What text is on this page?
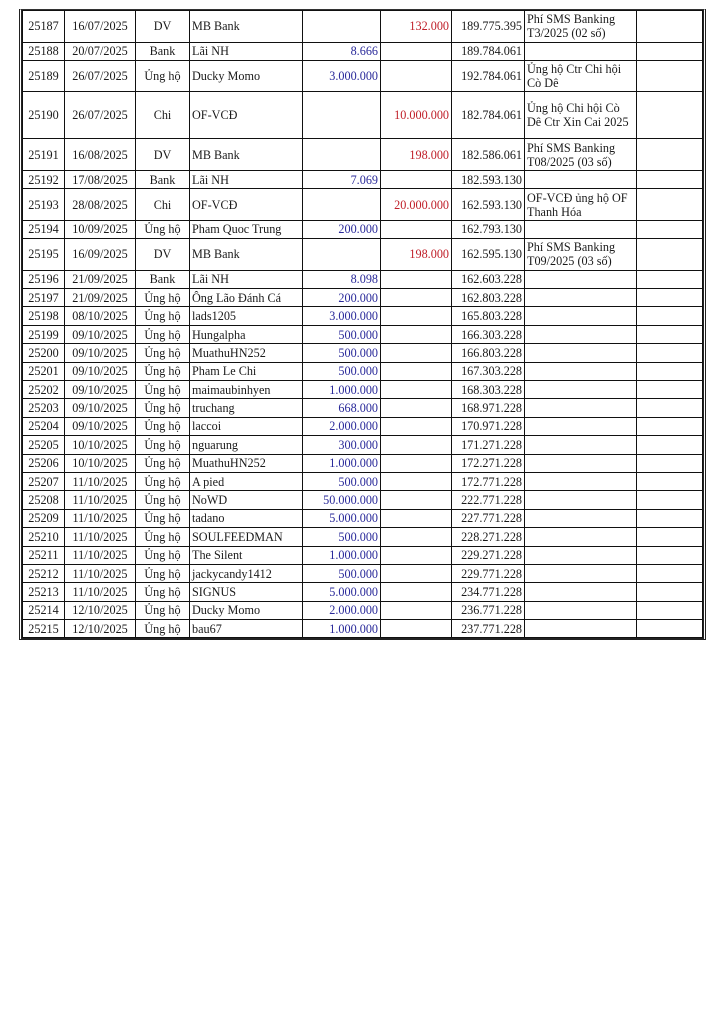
25187	16/07/2025	DV	MB Bank		132.000	189.775.395	Phí SMS Banking T3/2025 (02 số)	
25188	20/07/2025	Bank	Lãi NH	8.666		189.784.061		
25189	26/07/2025	Ủng hộ	Ducky Momo	3.000.000		192.784.061	Ủng hộ Ctr Chi hội Cò Dê	
25190	26/07/2025	Chi	OF-VCĐ		10.000.000	182.784.061	Ủng hộ Chi hội Cò Dê Ctr Xin Cai 2025	
25191	16/08/2025	DV	MB Bank		198.000	182.586.061	Phí SMS Banking T08/2025 (03 số)	
25192	17/08/2025	Bank	Lãi NH	7.069		182.593.130		
25193	28/08/2025	Chi	OF-VCĐ		20.000.000	162.593.130	OF-VCĐ ủng hộ OF Thanh Hóa	
25194	10/09/2025	Ủng hộ	Pham Quoc Trung	200.000		162.793.130		
25195	16/09/2025	DV	MB Bank		198.000	162.595.130	Phí SMS Banking T09/2025 (03 số)	
25196	21/09/2025	Bank	Lãi NH	8.098		162.603.228		
25197	21/09/2025	Ủng hộ	Ông Lão Đánh Cá	200.000		162.803.228		
25198	08/10/2025	Ủng hộ	lads1205	3.000.000		165.803.228		
25199	09/10/2025	Ủng hộ	Hungalpha	500.000		166.303.228		
25200	09/10/2025	Ủng hộ	MuathuHN252	500.000		166.803.228		
25201	09/10/2025	Ủng hộ	Pham Le Chi	500.000		167.303.228		
25202	09/10/2025	Ủng hộ	maimaubinhyen	1.000.000		168.303.228		
25203	09/10/2025	Ủng hộ	truchang	668.000		168.971.228		
25204	09/10/2025	Ủng hộ	laccoi	2.000.000		170.971.228		
25205	10/10/2025	Ủng hộ	nguarung	300.000		171.271.228		
25206	10/10/2025	Ủng hộ	MuathuHN252	1.000.000		172.271.228		
25207	11/10/2025	Ủng hộ	A pied	500.000		172.771.228		
25208	11/10/2025	Ủng hộ	NoWD	50.000.000		222.771.228		
25209	11/10/2025	Ủng hộ	tadano	5.000.000		227.771.228		
25210	11/10/2025	Ủng hộ	SOULFEEDMAN	500.000		228.271.228		
25211	11/10/2025	Ủng hộ	The Silent	1.000.000		229.271.228		
25212	11/10/2025	Ủng hộ	jackycandy1412	500.000		229.771.228		
25213	11/10/2025	Ủng hộ	SIGNUS	5.000.000		234.771.228		
25214	12/10/2025	Ủng hộ	Ducky Momo	2.000.000		236.771.228		
25215	12/10/2025	Ủng hộ	bau67	1.000.000		237.771.228		
